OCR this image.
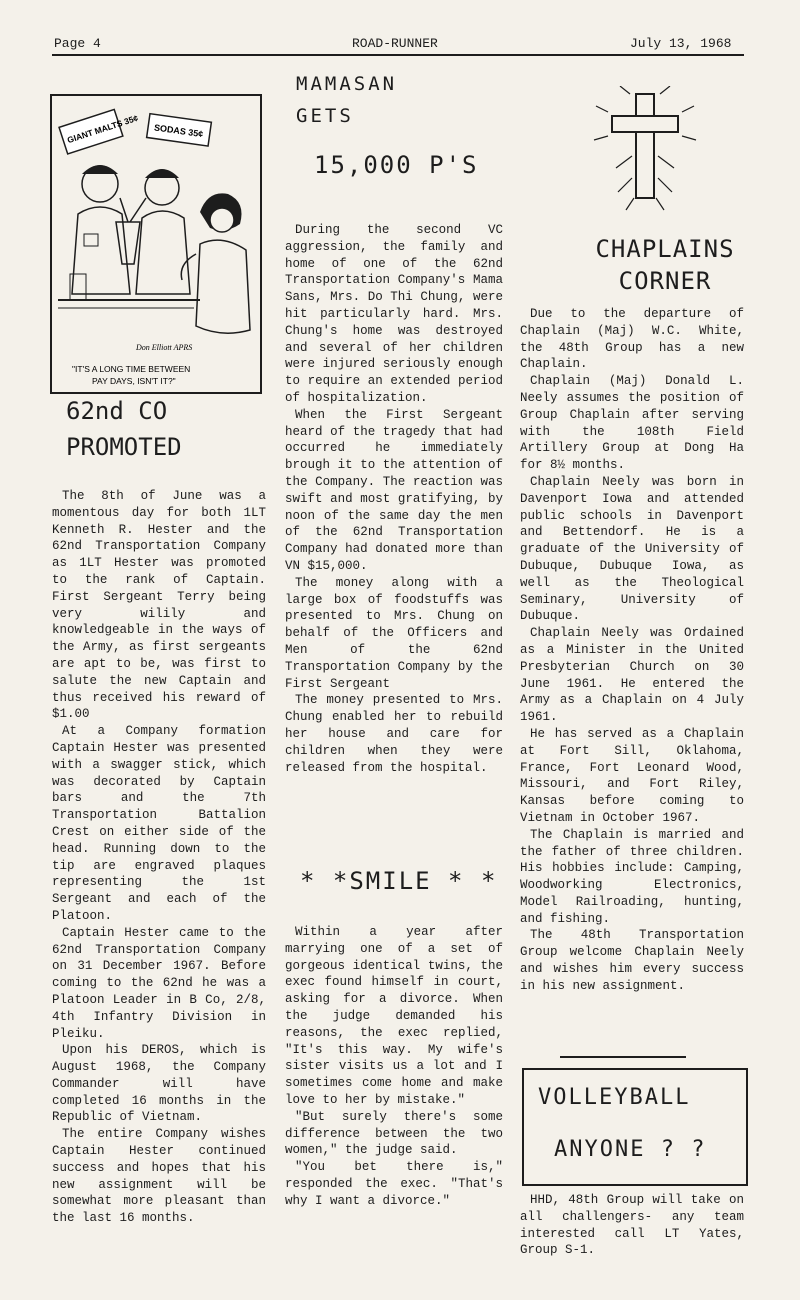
Page 4	ROAD-RUNNER	July 13, 1968
GIANT MALTS 35¢ SODAS 35¢
Don Elliott APRS
"IT'S A LONG TIME BETWEEN
PAY DAYS, ISN'T IT?"
62nd CO
PROMOTED

The 8th of June was a momentous day for both 1LT Kenneth R. Hester and the 62nd Transportation Company as 1LT Hester was promoted to the rank of Captain. First Sergeant Terry being very wilily and knowledgeable in the ways of the Army, as first sergeants are apt to be, was first to salute the new Captain and thus received his reward of $1.00

At a Company formation Captain Hester was presented with a swagger stick, which was decorated by Captain bars and the 7th Transportation Battalion Crest on either side of the head. Running down to the tip are engraved plaques representing the 1st Sergeant and each of the Platoon.

Captain Hester came to the 62nd Transportation Company on 31 December 1967. Before coming to the 62nd he was a Platoon Leader in B Co, 2/8, 4th Infantry Division in Pleiku.

Upon his DEROS, which is August 1968, the Company Commander will have completed 16 months in the Republic of Vietnam.

The entire Company wishes Captain Hester continued success and hopes that his new assignment will be somewhat more pleasant than the last 16 months.

MAMASAN
GETS
15,000 P'S

During the second VC aggression, the family and home of one of the 62nd Transportation Company's Mama Sans, Mrs. Do Thi Chung, were hit particularly hard. Mrs. Chung's home was destroyed and several of her children were injured seriously enough to require an extended period of hospitalization.

When the First Sergeant heard of the tragedy that had occurred he immediately brough it to the attention of the Company. The reaction was swift and most gratifying, by noon of the same day the men of the 62nd Transportation Company had donated more than VN $15,000.

The money along with a large box of foodstuffs was presented to Mrs. Chung on behalf of the Officers and Men of the 62nd Transportation Company by the First Sergeant

The money presented to Mrs. Chung enabled her to rebuild her house and care for children when they were released from the hospital.

* *SMILE * *

Within a year after marrying one of a set of gorgeous identical twins, the exec found himself in court, asking for a divorce. When the judge demanded his reasons, the exec replied, "It's this way. My wife's sister visits us a lot and I sometimes come home and make love to her by mistake."

"But surely there's some difference between the two women," the judge said.

"You bet there is," responded the exec. "That's why I want a divorce."

CHAPLAINS
CORNER

Due to the departure of Chaplain (Maj) W.C. White, the 48th Group has a new Chaplain.

Chaplain (Maj) Donald L. Neely assumes the position of Group Chaplain after serving with the 108th Field Artillery Group at Dong Ha for 8½ months.

Chaplain Neely was born in Davenport Iowa and attended public schools in Davenport and Bettendorf. He is a graduate of the University of Dubuque, Dubuque Iowa, as well as the Theological Seminary, University of Dubuque.

Chaplain Neely was Ordained as a Minister in the United Presbyterian Church on 30 June 1961. He entered the Army as a Chaplain on 4 July 1961.

He has served as a Chaplain at Fort Sill, Oklahoma, France, Fort Leonard Wood, Missouri, and Fort Riley, Kansas before coming to Vietnam in October 1967.

The Chaplain is married and the father of three children. His hobbies include: Camping, Woodworking Electronics, Model Railroading, hunting, and fishing.

The 48th Transportation Group welcome Chaplain Neely and wishes him every success in his new assignment.

VOLLEYBALL
ANYONE ? ?

HHD, 48th Group will take on all challengers- any team interested call LT Yates, Group S-1.
